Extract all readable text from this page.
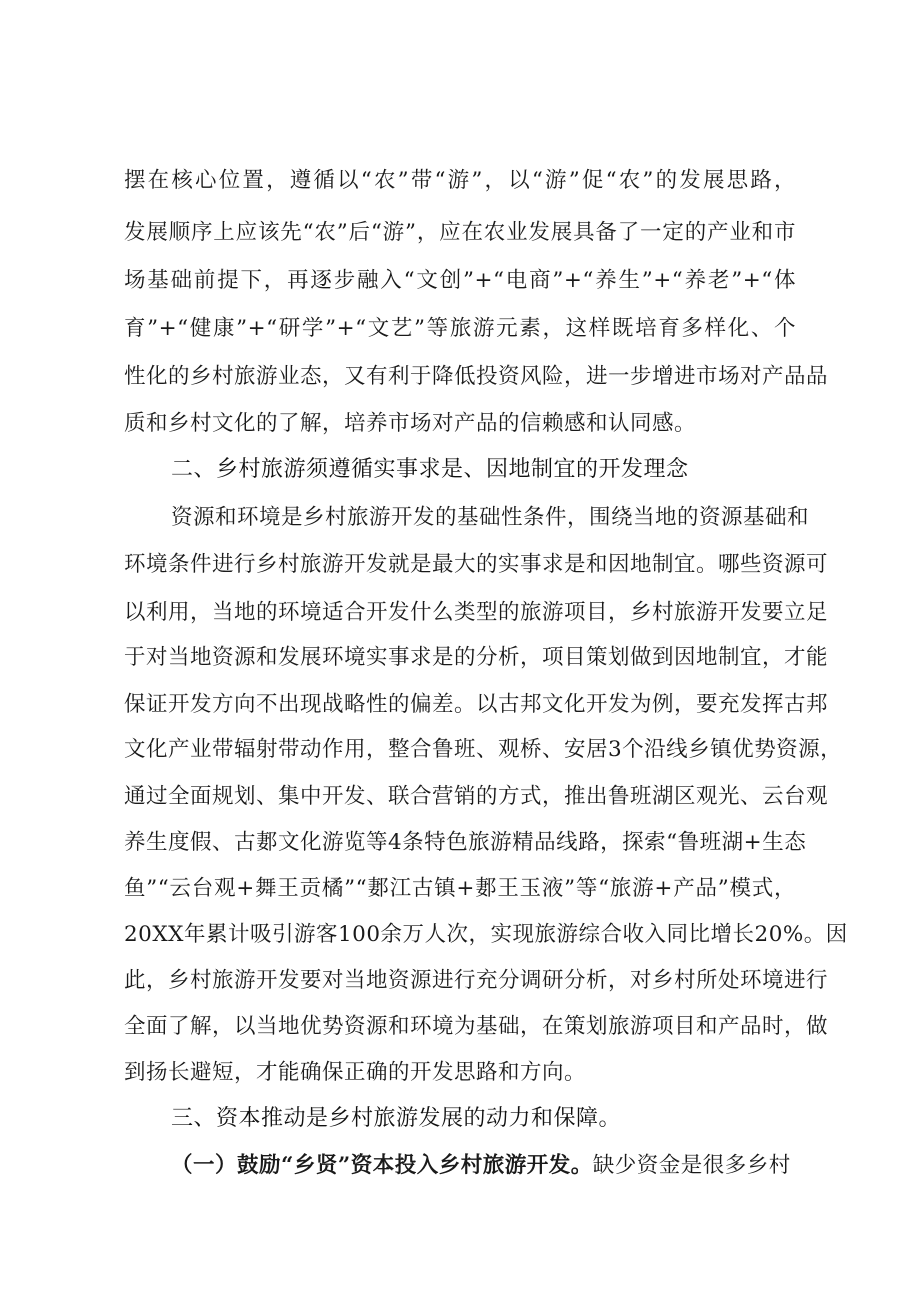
摆在核心位置，遵循以“农”带“游”，以“游”促“农”的发展思路，
发展顺序上应该先“农”后“游”，应在农业发展具备了一定的产业和市
场基础前提下，再逐步融入“文创”+“电商”+“养生”+“养老”+“体
育”+“健康”+“研学”+“文艺”等旅游元素，这样既培育多样化、个
性化的乡村旅游业态，又有利于降低投资风险，进一步增进市场对产品品
质和乡村文化的了解，培养市场对产品的信赖感和认同感。
二、乡村旅游须遵循实事求是、因地制宜的开发理念
资源和环境是乡村旅游开发的基础性条件，围绕当地的资源基础和
环境条件进行乡村旅游开发就是最大的实事求是和因地制宜。哪些资源可
以利用，当地的环境适合开发什么类型的旅游项目，乡村旅游开发要立足
于对当地资源和发展环境实事求是的分析，项目策划做到因地制宜，才能
保证开发方向不出现战略性的偏差。以古邦文化开发为例，要充发挥古邦
文化产业带辐射带动作用，整合鲁班、观桥、安居3个沿线乡镇优势资源，
通过全面规划、集中开发、联合营销的方式，推出鲁班湖区观光、云台观
养生度假、古郪文化游览等4条特色旅游精品线路，探索“鲁班湖+生态
鱼”“云台观+舞王贡橘”“郪江古镇+郪王玉液”等“旅游+产品”模式，
20XX年累计吸引游客100余万人次，实现旅游综合收入同比增长20%。因
此，乡村旅游开发要对当地资源进行充分调研分析，对乡村所处环境进行
全面了解，以当地优势资源和环境为基础，在策划旅游项目和产品时，做
到扬长避短，才能确保正确的开发思路和方向。
三、资本推动是乡村旅游发展的动力和保障。
（一）鼓励“乡贤”资本投入乡村旅游开发。缺少资金是很多乡村
